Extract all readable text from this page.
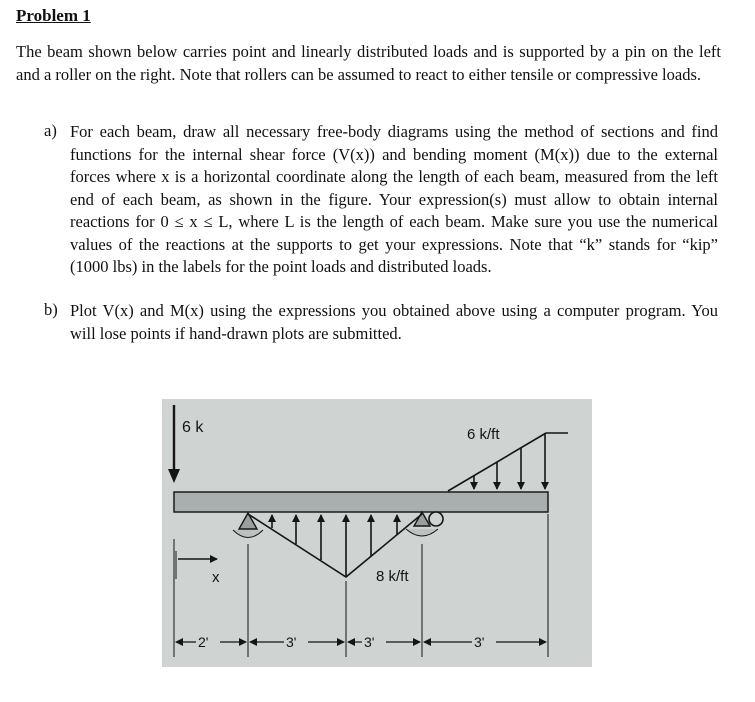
Problem 1

The beam shown below carries point and linearly distributed loads and is supported by a pin on the left and a roller on the right. Note that rollers can be assumed to react to either tensile or compressive loads.

a) For each beam, draw all necessary free-body diagrams using the method of sections and find functions for the internal shear force (V(x)) and bending moment (M(x)) due to the external forces where x is a horizontal coordinate along the length of each beam, measured from the left end of each beam, as shown in the figure. Your expression(s) must allow to obtain internal reactions for 0 ≤ x ≤ L, where L is the length of each beam. Make sure you use the numerical values of the reactions at the supports to get your expressions. Note that “k” stands for “kip” (1000 lbs) in the labels for the point loads and distributed loads.

b) Plot V(x) and M(x) using the expressions you obtained above using a computer program. You will lose points if hand-drawn plots are submitted.

6 k	6 k/ft
8 k/ft
x
2'	3'	3'	3'
